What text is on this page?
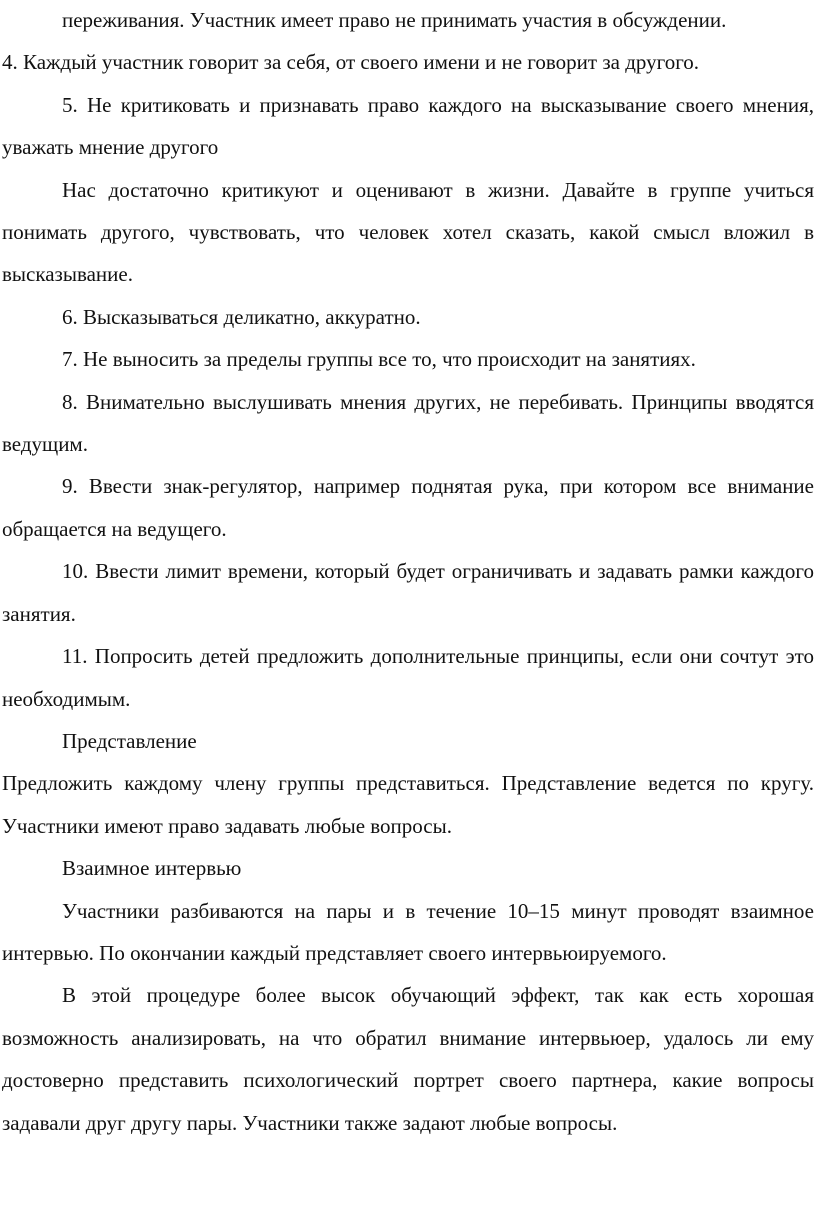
переживания. Участник имеет право не принимать участия в обсуждении.

4. Каждый участник говорит за себя, от своего имени и не говорит за другого.

5. Не критиковать и признавать право каждого на высказывание своего мнения, уважать мнение другого

Нас достаточно критикуют и оценивают в жизни. Давайте в группе учиться понимать другого, чувствовать, что человек хотел сказать, какой смысл вложил в высказывание.

6. Высказываться деликатно, аккуратно.

7. Не выносить за пределы группы все то, что происходит на занятиях.

8. Внимательно выслушивать мнения других, не перебивать. Принципы вводятся ведущим.

9. Ввести знак-регулятор, например поднятая рука, при котором все внимание обращается на ведущего.

10. Ввести лимит времени, который будет ограничивать и задавать рамки каждого занятия.

11. Попросить детей предложить дополнительные принципы, если они сочтут это необходимым.

Представление

Предложить каждому члену группы представиться. Представление ведется по кругу. Участники имеют право задавать любые вопросы.

Взаимное интервью

Участники разбиваются на пары и в течение 10–15 минут проводят взаимное интервью. По окончании каждый представляет своего интервьюируемого.

В этой процедуре более высок обучающий эффект, так как есть хорошая возможность анализировать, на что обратил внимание интервьюер, удалось ли ему достоверно представить психологический портрет своего партнера, какие вопросы задавали друг другу пары. Участники также задают любые вопросы.
